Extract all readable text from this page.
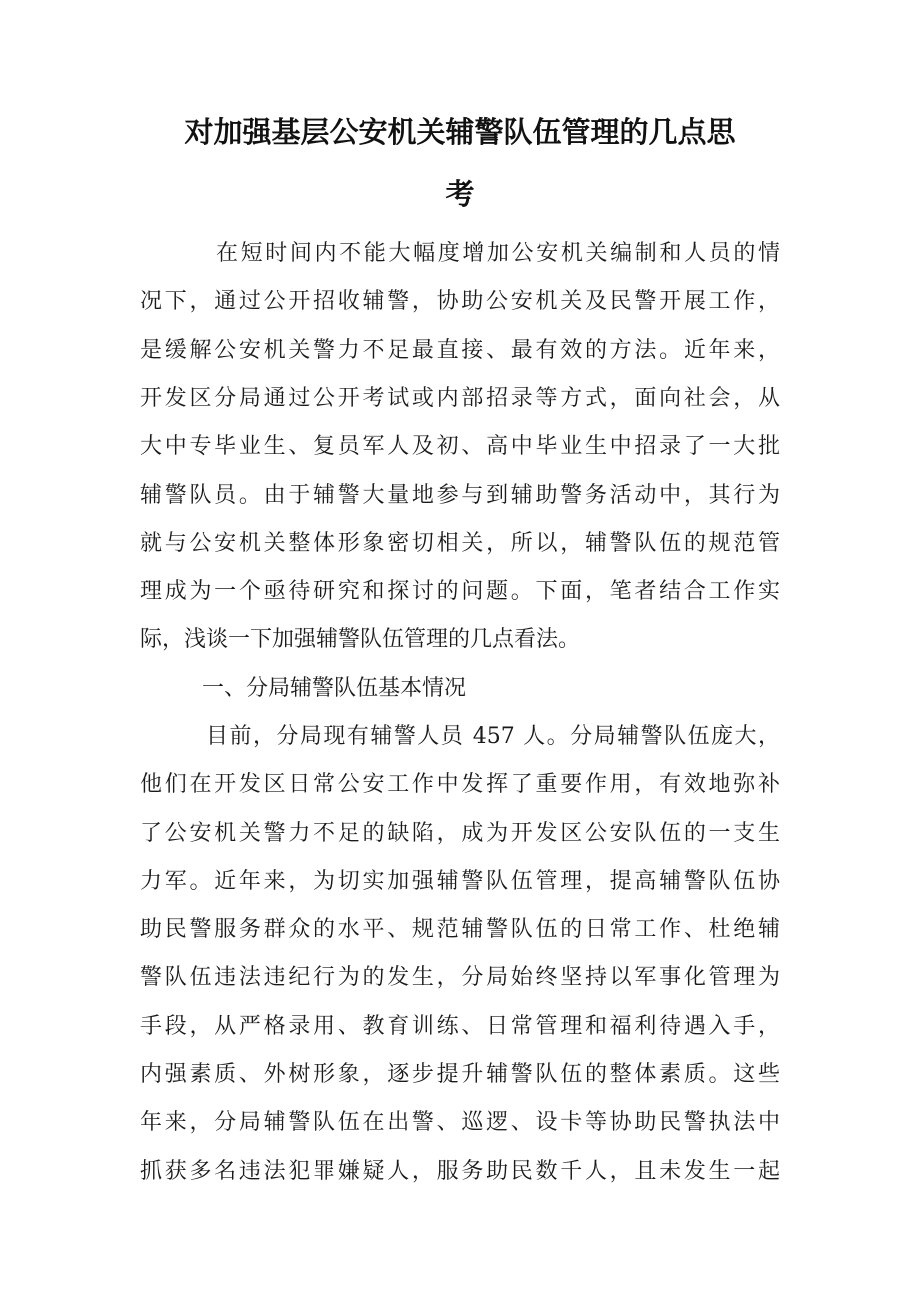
对加强基层公安机关辅警队伍管理的几点思
考
在短时间内不能大幅度增加公安机关编制和人员的情
况下，通过公开招收辅警，协助公安机关及民警开展工作，
是缓解公安机关警力不足最直接、最有效的方法。近年来，
开发区分局通过公开考试或内部招录等方式，面向社会，从
大中专毕业生、复员军人及初、高中毕业生中招录了一大批
辅警队员。由于辅警大量地参与到辅助警务活动中，其行为
就与公安机关整体形象密切相关，所以，辅警队伍的规范管
理成为一个亟待研究和探讨的问题。下面，笔者结合工作实
际，浅谈一下加强辅警队伍管理的几点看法。
一、分局辅警队伍基本情况
目前，分局现有辅警人员 457 人。分局辅警队伍庞大，
他们在开发区日常公安工作中发挥了重要作用，有效地弥补
了公安机关警力不足的缺陷，成为开发区公安队伍的一支生
力军。近年来，为切实加强辅警队伍管理，提高辅警队伍协
助民警服务群众的水平、规范辅警队伍的日常工作、杜绝辅
警队伍违法违纪行为的发生，分局始终坚持以军事化管理为
手段，从严格录用、教育训练、日常管理和福利待遇入手，
内强素质、外树形象，逐步提升辅警队伍的整体素质。这些
年来，分局辅警队伍在出警、巡逻、设卡等协助民警执法中
抓获多名违法犯罪嫌疑人，服务助民数千人，且未发生一起
